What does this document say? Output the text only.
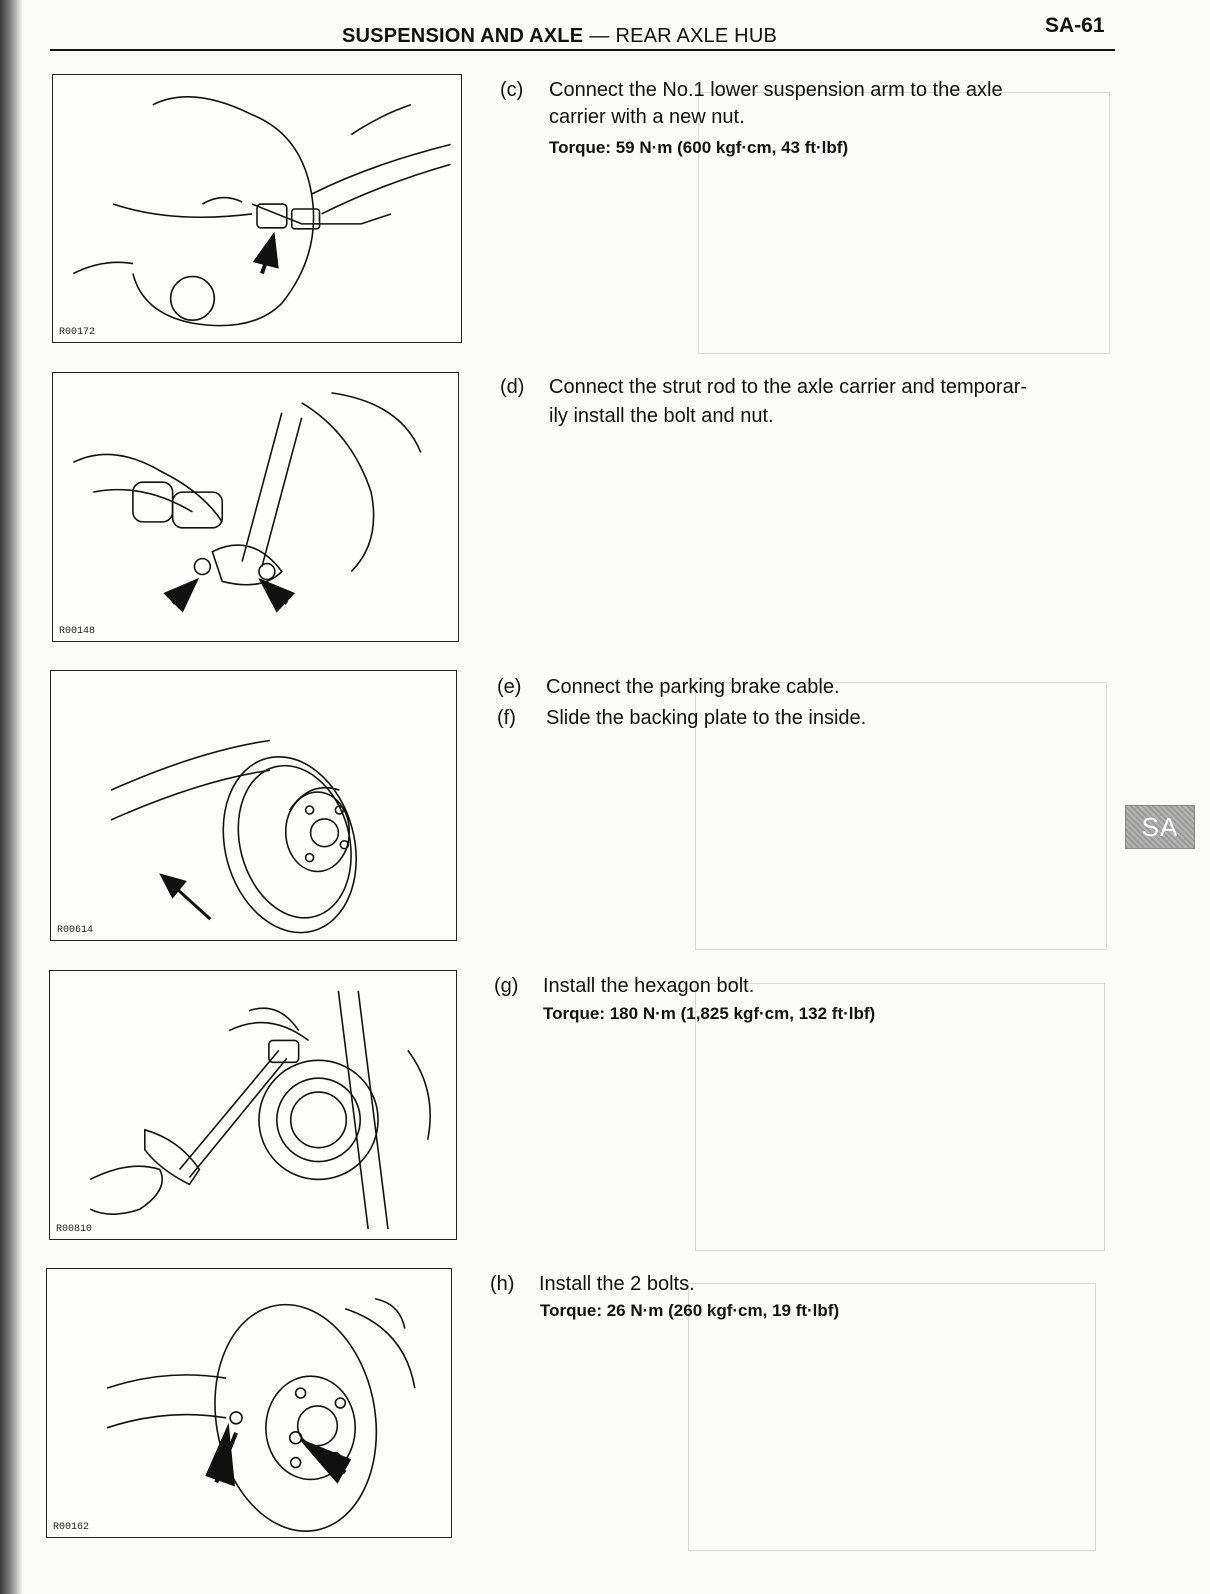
SUSPENSION AND AXLE — REAR AXLE HUB	SA-61
R00172
R00148
R00614
R00810
R00162
(c) Connect the No.1 lower suspension arm to the axle
carrier with a new nut.
Torque: 59 N·m (600 kgf·cm, 43 ft·lbf)
(d) Connect the strut rod to the axle carrier and temporar-
ily install the bolt and nut.
(e) Connect the parking brake cable.
(f) Slide the backing plate to the inside.
(g) Install the hexagon bolt.
Torque: 180 N·m (1,825 kgf·cm, 132 ft·lbf)
(h) Install the 2 bolts.
Torque: 26 N·m (260 kgf·cm, 19 ft·lbf)
SA
